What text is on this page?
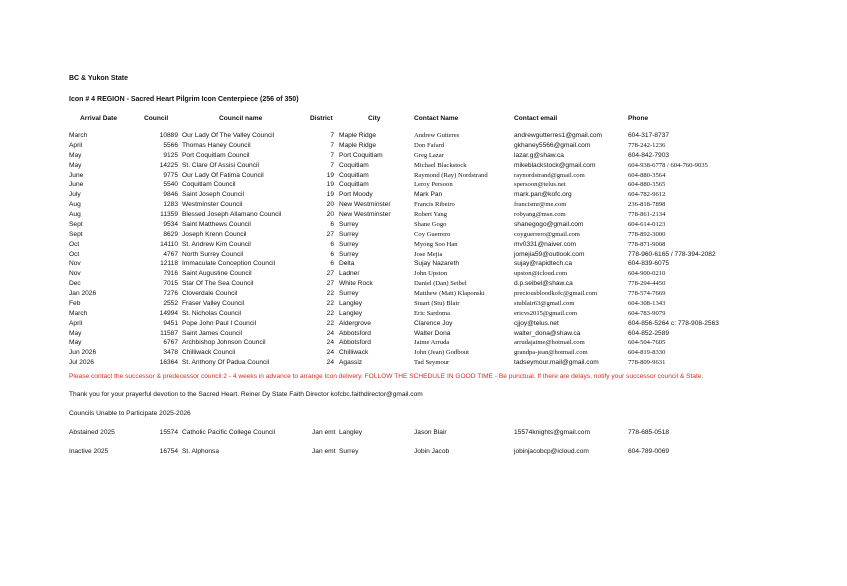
BC & Yukon State
Icon # 4 REGION - Sacred Heart Pilgrim Icon Centerpiece (256 of 350)
Arrival Date	Council	Council name	District	City	Contact Name	Contact email	Phone
March	10889 Our Lady Of The Valley Council	7 Maple Ridge	Andrew Gutteres	andrewgutterres1@gmail.com	604-317-8737
April	5566 Thomas Haney Council	7 Maple Ridge	Don Fafard	gkhaney5566@gmail.com	778-242-1236
May	9125 Port Coquitlam Council	7 Port Coquitlam	Greg Lazar	lazar.g@shaw.ca	604-842-7903
May	14225 St. Clare Of Assisi Council	7 Coquitlam	Michael Blackstock	mikeblackstock@gmail.com	604-938-6778 / 604-760-9035
June	9775 Our Lady Of Fatima Council	19 Coquitlam	Raymond (Ray) Nordstrand	raynordstrand@gmail.com	604-880-3564
June	5540 Coquitlam Council	19 Coquitlam	Leroy Persoon	spersoon@telus.net	604-880-3565
July	9846 Saint Joseph Council	19 Port Moody	Mark Pan	mark.pan@kofc.org	604-782-9612
Aug	1283 Westminster Council	20 New Westminster	Francis Ribeiro	francismr@me.com	236-818-7898
Aug	11359 Blessed Joseph Allamano Council	20 New Westminster	Robert Yang	robyang@msn.com	778-861-2134
Sept	9534 Saint Matthews Council	6 Surrey	Shane Gogo	shanegogo@gmail.com	604-614-0123
Sept	8629 Joseph Krenn Council	27 Surrey	Coy Guerrero	coyguerrero@gmail.com	778-892-3000
Oct	14110 St. Andrew Kim Council	6 Surrey	Myong Soo Han	mv0331@naiver.com	778-871-9008
Oct	4767 North Surrey Council	6 Surrey	Jose Mejia	jomejia59@outlook.com	778-960-6165 / 778-394-2082
Nov	12118 Immaculate Conception Council	6 Delta	Sujay Nazareth	sujay@rapidtech.ca	604-839-6075
Nov	7916 Saint Augustine Council	27 Ladner	John Upston	upston@icloud.com	604-900-0210
Dec	7015 Star Of The Sea Council	27 White Rock	Daniel (Dan) Seibel	d.p.seibel@shaw.ca	778-294-4450
Jan 2026	7276 Cloverdale Council	22 Surrey	Matthew (Matt) Klaponski	preciousbloodkofc@gmail.com	778-574-7669
Feb	2552 Fraser Valley Council	22 Langley	Stuart (Stu) Blair	stublair63@gmail.com	604-308-1343
March	14994 St. Nicholas Council	22 Langley	Eric Sardoma	ericvs2015@gmail.com	604-783-9079
April	9451 Pope John Paul I Council	22 Aldergrove	Clarence Joy	cjjoy@telus.net	604-856-5264 c: 778-908-2563
May	11587 Saint James Council	24 Abbotsford	Walter Dona	walter_dona@shaw.ca	604-852-2589
May	6767 Archbishop Johnson Council	24 Abbotsford	Jaime Arruda	arrudajaime@hotmail.com	604-504-7605
Jun 2026	3478 Chilliwack Council	24 Chilliwack	John (Jean) Godbout	grandpa-jean@hotmail.com	604-819-8330
Jul 2026	16364 St. Anthony Of Padua Council	24 Agassiz	Tad Seymour	tadseymour.mail@gmail.com	778-809-9631
Please contact the successor & predecessor council 2 - 4 weeks in advance to arrange Icon delivery. FOLLOW THE SCHEDULE IN GOOD TIME - Be punctual. If there are delays, notify your successor council & State.
Thank you for your prayerful devotion to the Sacred Heart. Reiner Dy State Faith Director kofcbc.faithdirector@gmail.com
Councils Unable to Participate 2025-2026
Abstained 2025	15574 Catholic Pacific College Council	Jan emt Langley	Jason Blair	15574knights@gmail.com	778-685-0518
Inactive 2025	16754 St. Alphonsa	Jan emt Surrey	Jobin Jacob	jobinjacobcp@icloud.com	604-789-0069
